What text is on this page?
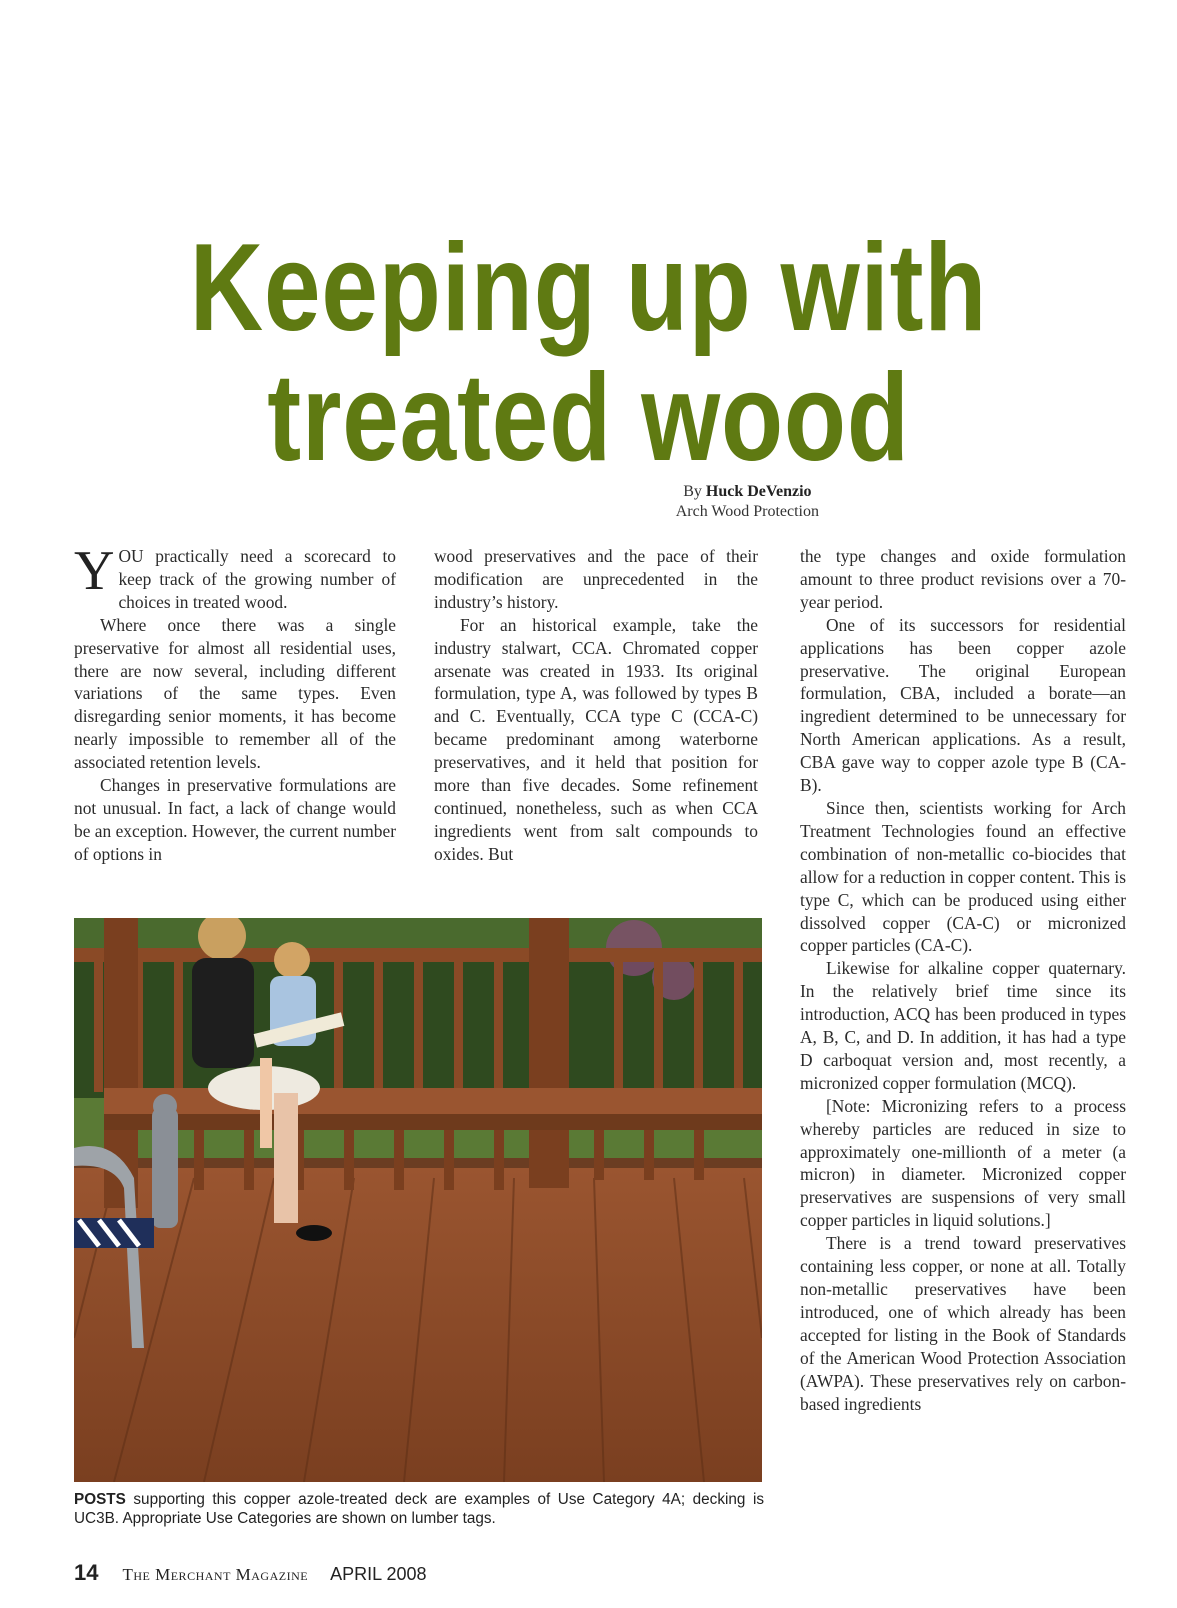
Keeping up with
treated wood
By Huck DeVenzio
Arch Wood Protection

YOU practically need a scorecard to keep track of the growing number of choices in treated wood.

Where once there was a single preservative for almost all residential uses, there are now several, including different variations of the same types. Even disregarding senior moments, it has become nearly impossible to remember all of the associated retention levels.

Changes in preservative formulations are not unusual. In fact, a lack of change would be an exception. However, the current number of options in

wood preservatives and the pace of their modification are unprecedented in the industry’s history.

For an historical example, take the industry stalwart, CCA. Chromated copper arsenate was created in 1933. Its original formulation, type A, was followed by types B and C. Eventually, CCA type C (CCA-C) became predominant among waterborne preservatives, and it held that position for more than five decades. Some refinement continued, nonetheless, such as when CCA ingredients went from salt compounds to oxides. But

the type changes and oxide formulation amount to three product revisions over a 70-year period.

One of its successors for residential applications has been copper azole preservative. The original European formulation, CBA, included a borate—an ingredient determined to be unnecessary for North American applications. As a result, CBA gave way to copper azole type B (CA-B).

Since then, scientists working for Arch Treatment Technologies found an effective combination of non-metallic co-biocides that allow for a reduction in copper content. This is type C, which can be produced using either dissolved copper (CA-C) or micronized copper particles (CA-C).

Likewise for alkaline copper quaternary. In the relatively brief time since its introduction, ACQ has been produced in types A, B, C, and D. In addition, it has had a type D carboquat version and, most recently, a micronized copper formulation (MCQ).

[Note: Micronizing refers to a process whereby particles are reduced in size to approximately one-millionth of a meter (a micron) in diameter. Micronized copper preservatives are suspensions of very small copper particles in liquid solutions.]

There is a trend toward preservatives containing less copper, or none at all. Totally non-metallic preservatives have been introduced, one of which already has been accepted for listing in the Book of Standards of the American Wood Protection Association (AWPA). These preservatives rely on carbon-based ingredients

POSTS supporting this copper azole-treated deck are examples of Use Category 4A; decking is UC3B. Appropriate Use Categories are shown on lumber tags.
14 The Merchant Magazine APRIL 2008
